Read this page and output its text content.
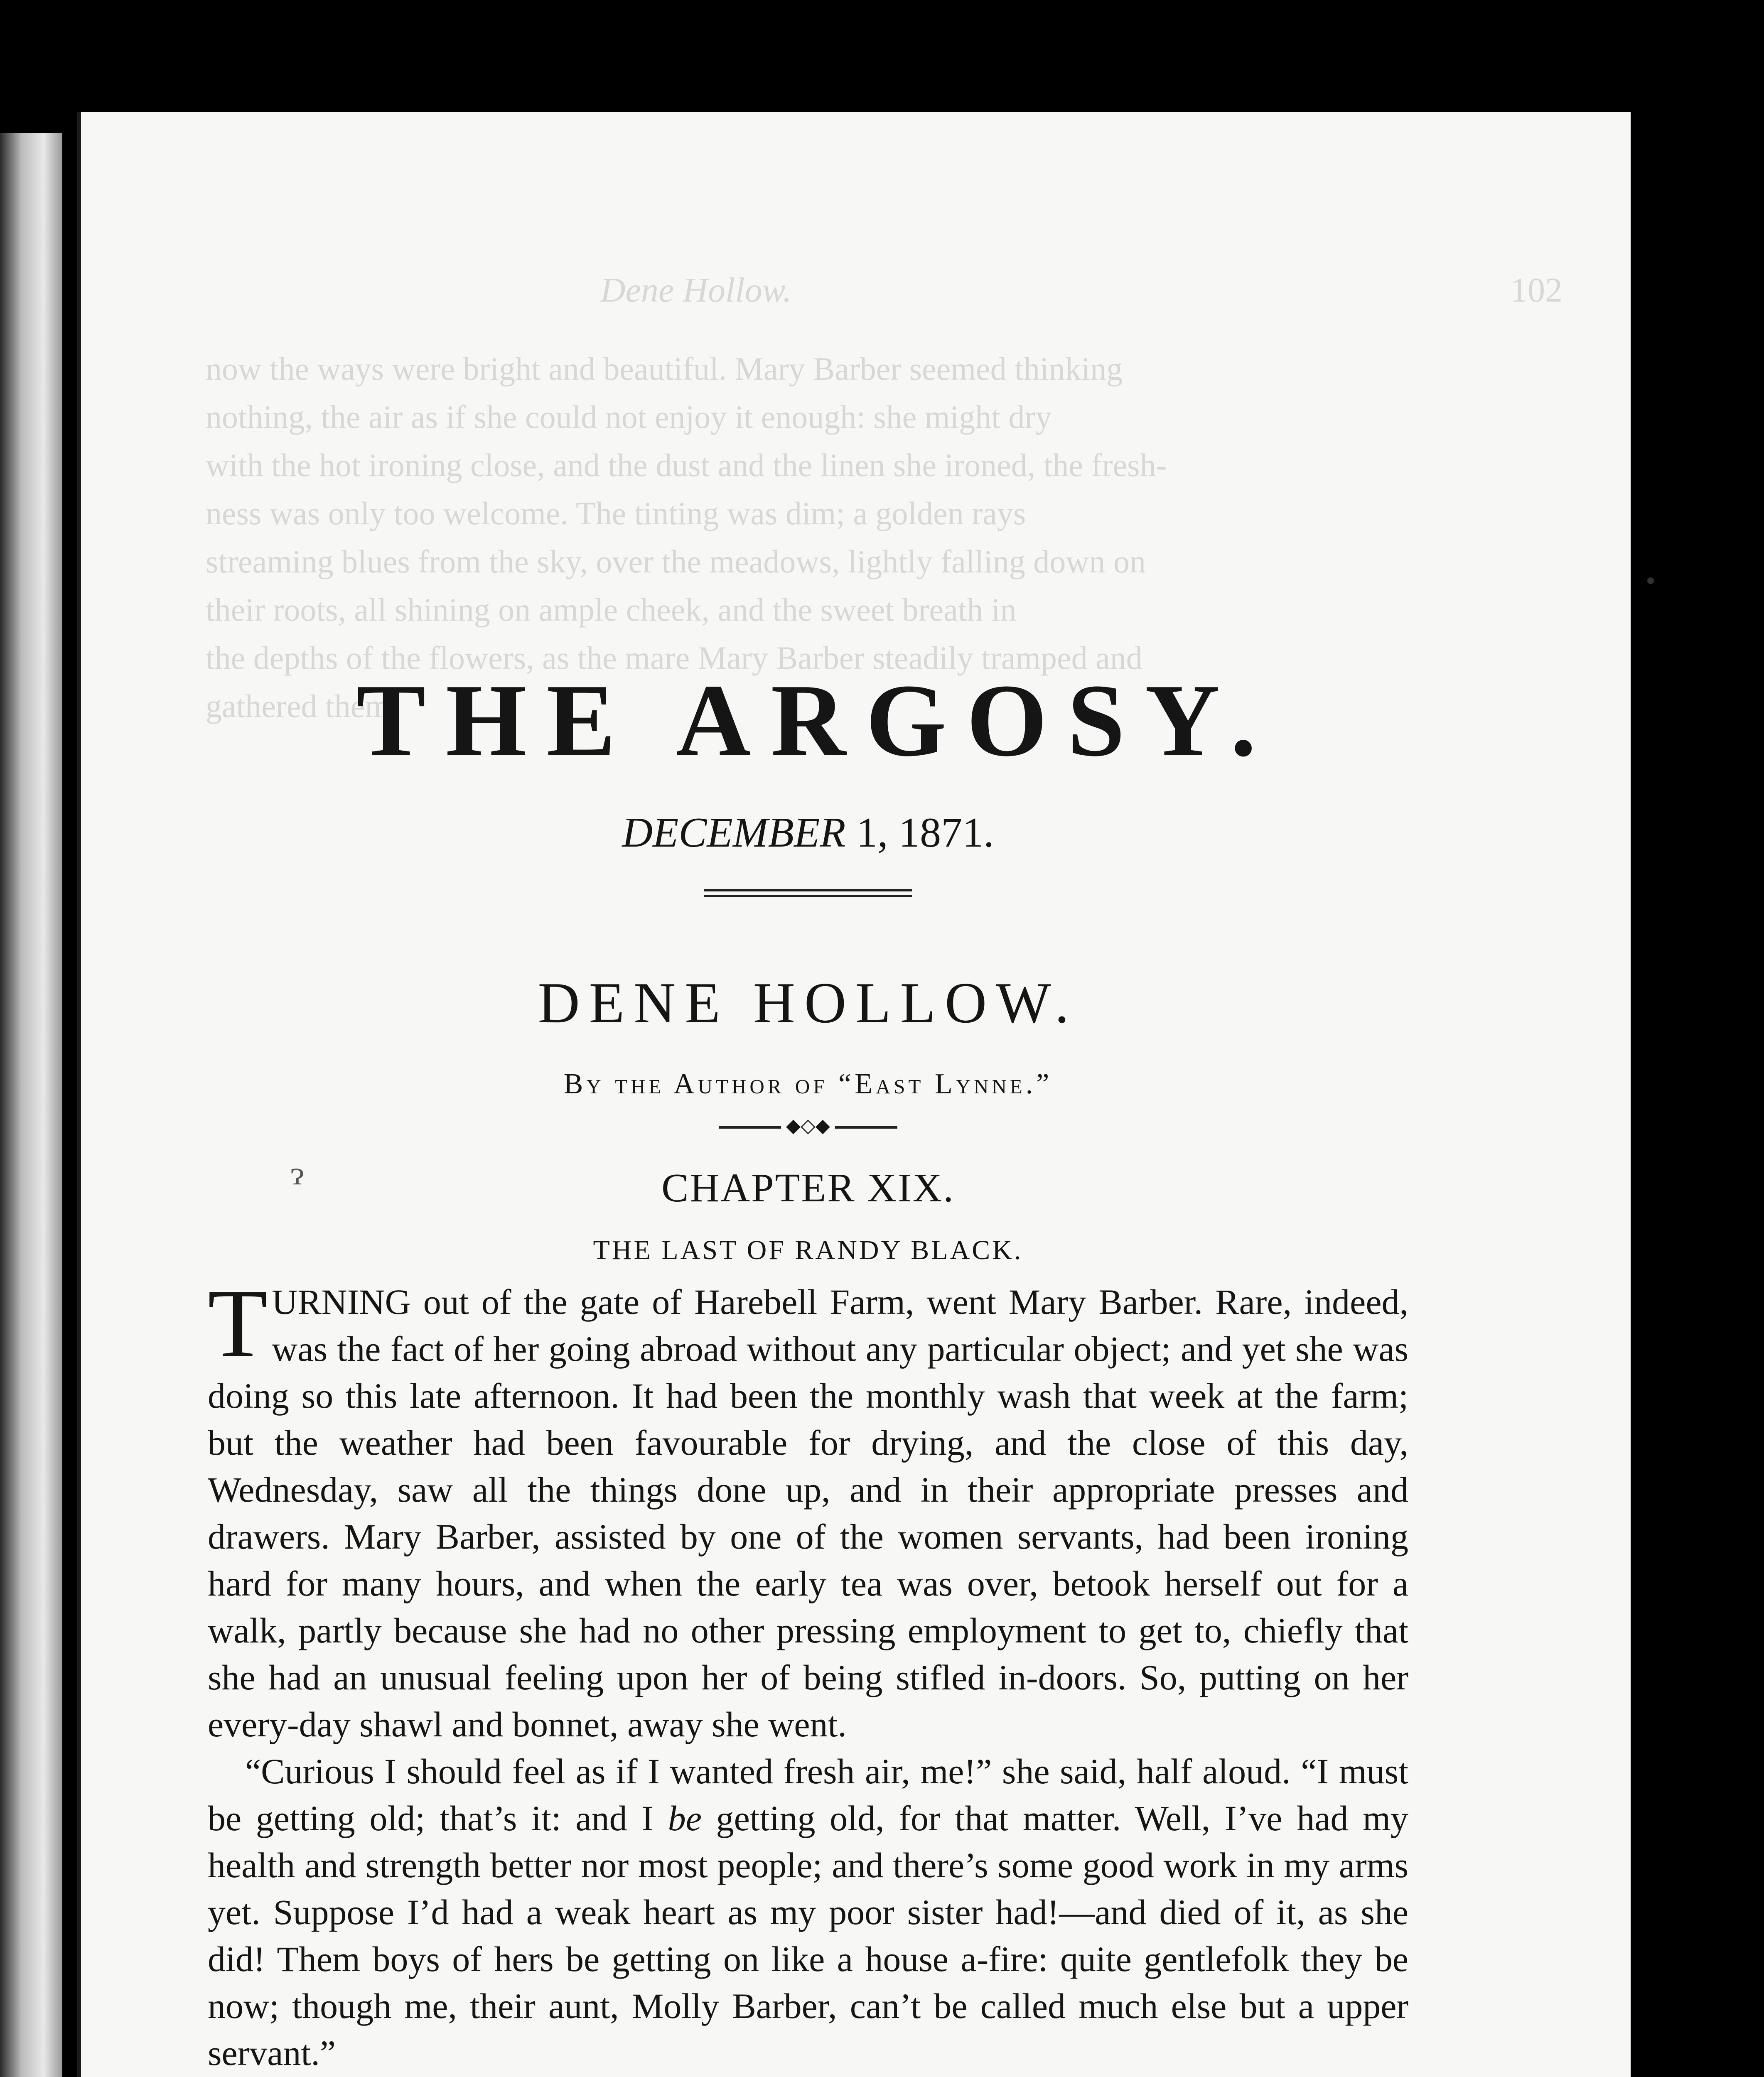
Dene Hollow.	102
now the ways were bright and beautiful. Mary Barber seemed thinking
nothing, the air as if she could not enjoy it enough: she might dry
with the hot ironing close, and the dust and the linen she ironed, the fresh-
ness was only too welcome. The tinting was dim; a golden rays
streaming blues from the sky, over the meadows, lightly falling down on
their roots, all shining on ample cheek, and the sweet breath in
the depths of the flowers, as the mare Mary Barber steadily tramped and
gathered them.
ɂ
THE ARGOSY.
DECEMBER 1, 1871.
DENE HOLLOW.
By the Author of “East Lynne.”
◆◇◆
CHAPTER XIX.
THE LAST OF RANDY BLACK.

TURNING out of the gate of Harebell Farm, went Mary Barber. Rare, indeed, was the fact of her going abroad without any particular object; and yet she was doing so this late afternoon. It had been the monthly wash that week at the farm; but the weather had been favourable for drying, and the close of this day, Wednesday, saw all the things done up, and in their appropriate presses and drawers. Mary Barber, assisted by one of the women servants, had been ironing hard for many hours, and when the early tea was over, betook herself out for a walk, partly because she had no other pressing employment to get to, chiefly that she had an unusual feeling upon her of being stifled in-doors. So, putting on her every-day shawl and bonnet, away she went.

“Curious I should feel as if I wanted fresh air, me!” she said, half aloud. “I must be getting old; that’s it: and I be getting old, for that matter. Well, I’ve had my health and strength better nor most people; and there’s some good work in my arms yet. Suppose I’d had a weak heart as my poor sister had!—and died of it, as she did! Them boys of hers be getting on like a house a-fire: quite gentlefolk they be now; though me, their aunt, Molly Barber, can’t be called much else but a upper servant.”
